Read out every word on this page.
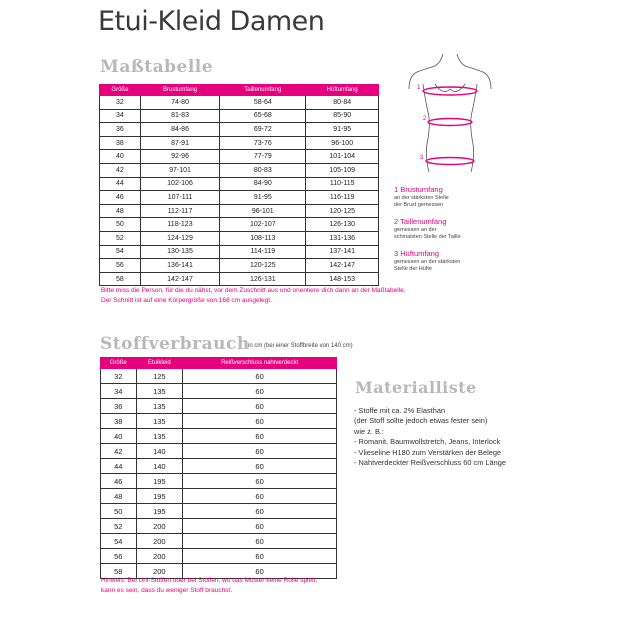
Etui-Kleid Damen
Maßtabelle
Größe	Brustumfang	Taillenumfang	Hüftumfang
32	74-80	58-64	80-84
34	81-83	65-68	85-90
36	84-86	69-72	91-95
38	87-91	73-76	96-100
40	92-96	77-79	101-104
42	97-101	80-83	105-109
44	102-106	84-90	110-115
46	107-111	91-95	116-119
48	112-117	96-101	120-125
50	118-123	102-107	126-130
52	124-129	108-113	131-136
54	130-135	114-119	137-141
56	136-141	120-125	142-147
58	142-147	126-131	148-153
1
2
3
1 Brustumfang
an der stärksten Stelle
der Brust gemessen
2 Taillenumfang
gemessen an der
schmalsten Stelle der Taille
3 Hüftumfang
gemessen an der stärksten
Stelle der Hüfte
Bitte miss die Person, für die du nähst, vor dem Zuschnitt aus und orientiere dich dann an der Maßtabelle.
Der Schnitt ist auf eine Körpergröße von 168 cm ausgelegt.
Stoffverbrauch
in cm (bei einer Stoffbreite von 140 cm)
Größe	Etuikleid	Reißverschluss nahtverdeckt
32	125	60
34	135	60
36	135	60
38	135	60
40	135	60
42	140	60
44	140	60
46	195	60
48	195	60
50	195	60
52	200	60
54	200	60
56	200	60
58	200	60
Materialliste
- Stoffe mit ca. 2% Elasthan
(der Stoff sollte jedoch etwas fester sein)
wie z. B.:
- Romanit, Baumwollstretch, Jeans, Interlock
- Vlieseline H180 zum Verstärken der Belege
- Nahtverdeckter Reißverschluss 60 cm Länge
Hinweis: Bei Uni-Stoffen oder bei Stoffen, wo das Muster keine Rolle spielt,
kann es sein, dass du weniger Stoff brauchst.
